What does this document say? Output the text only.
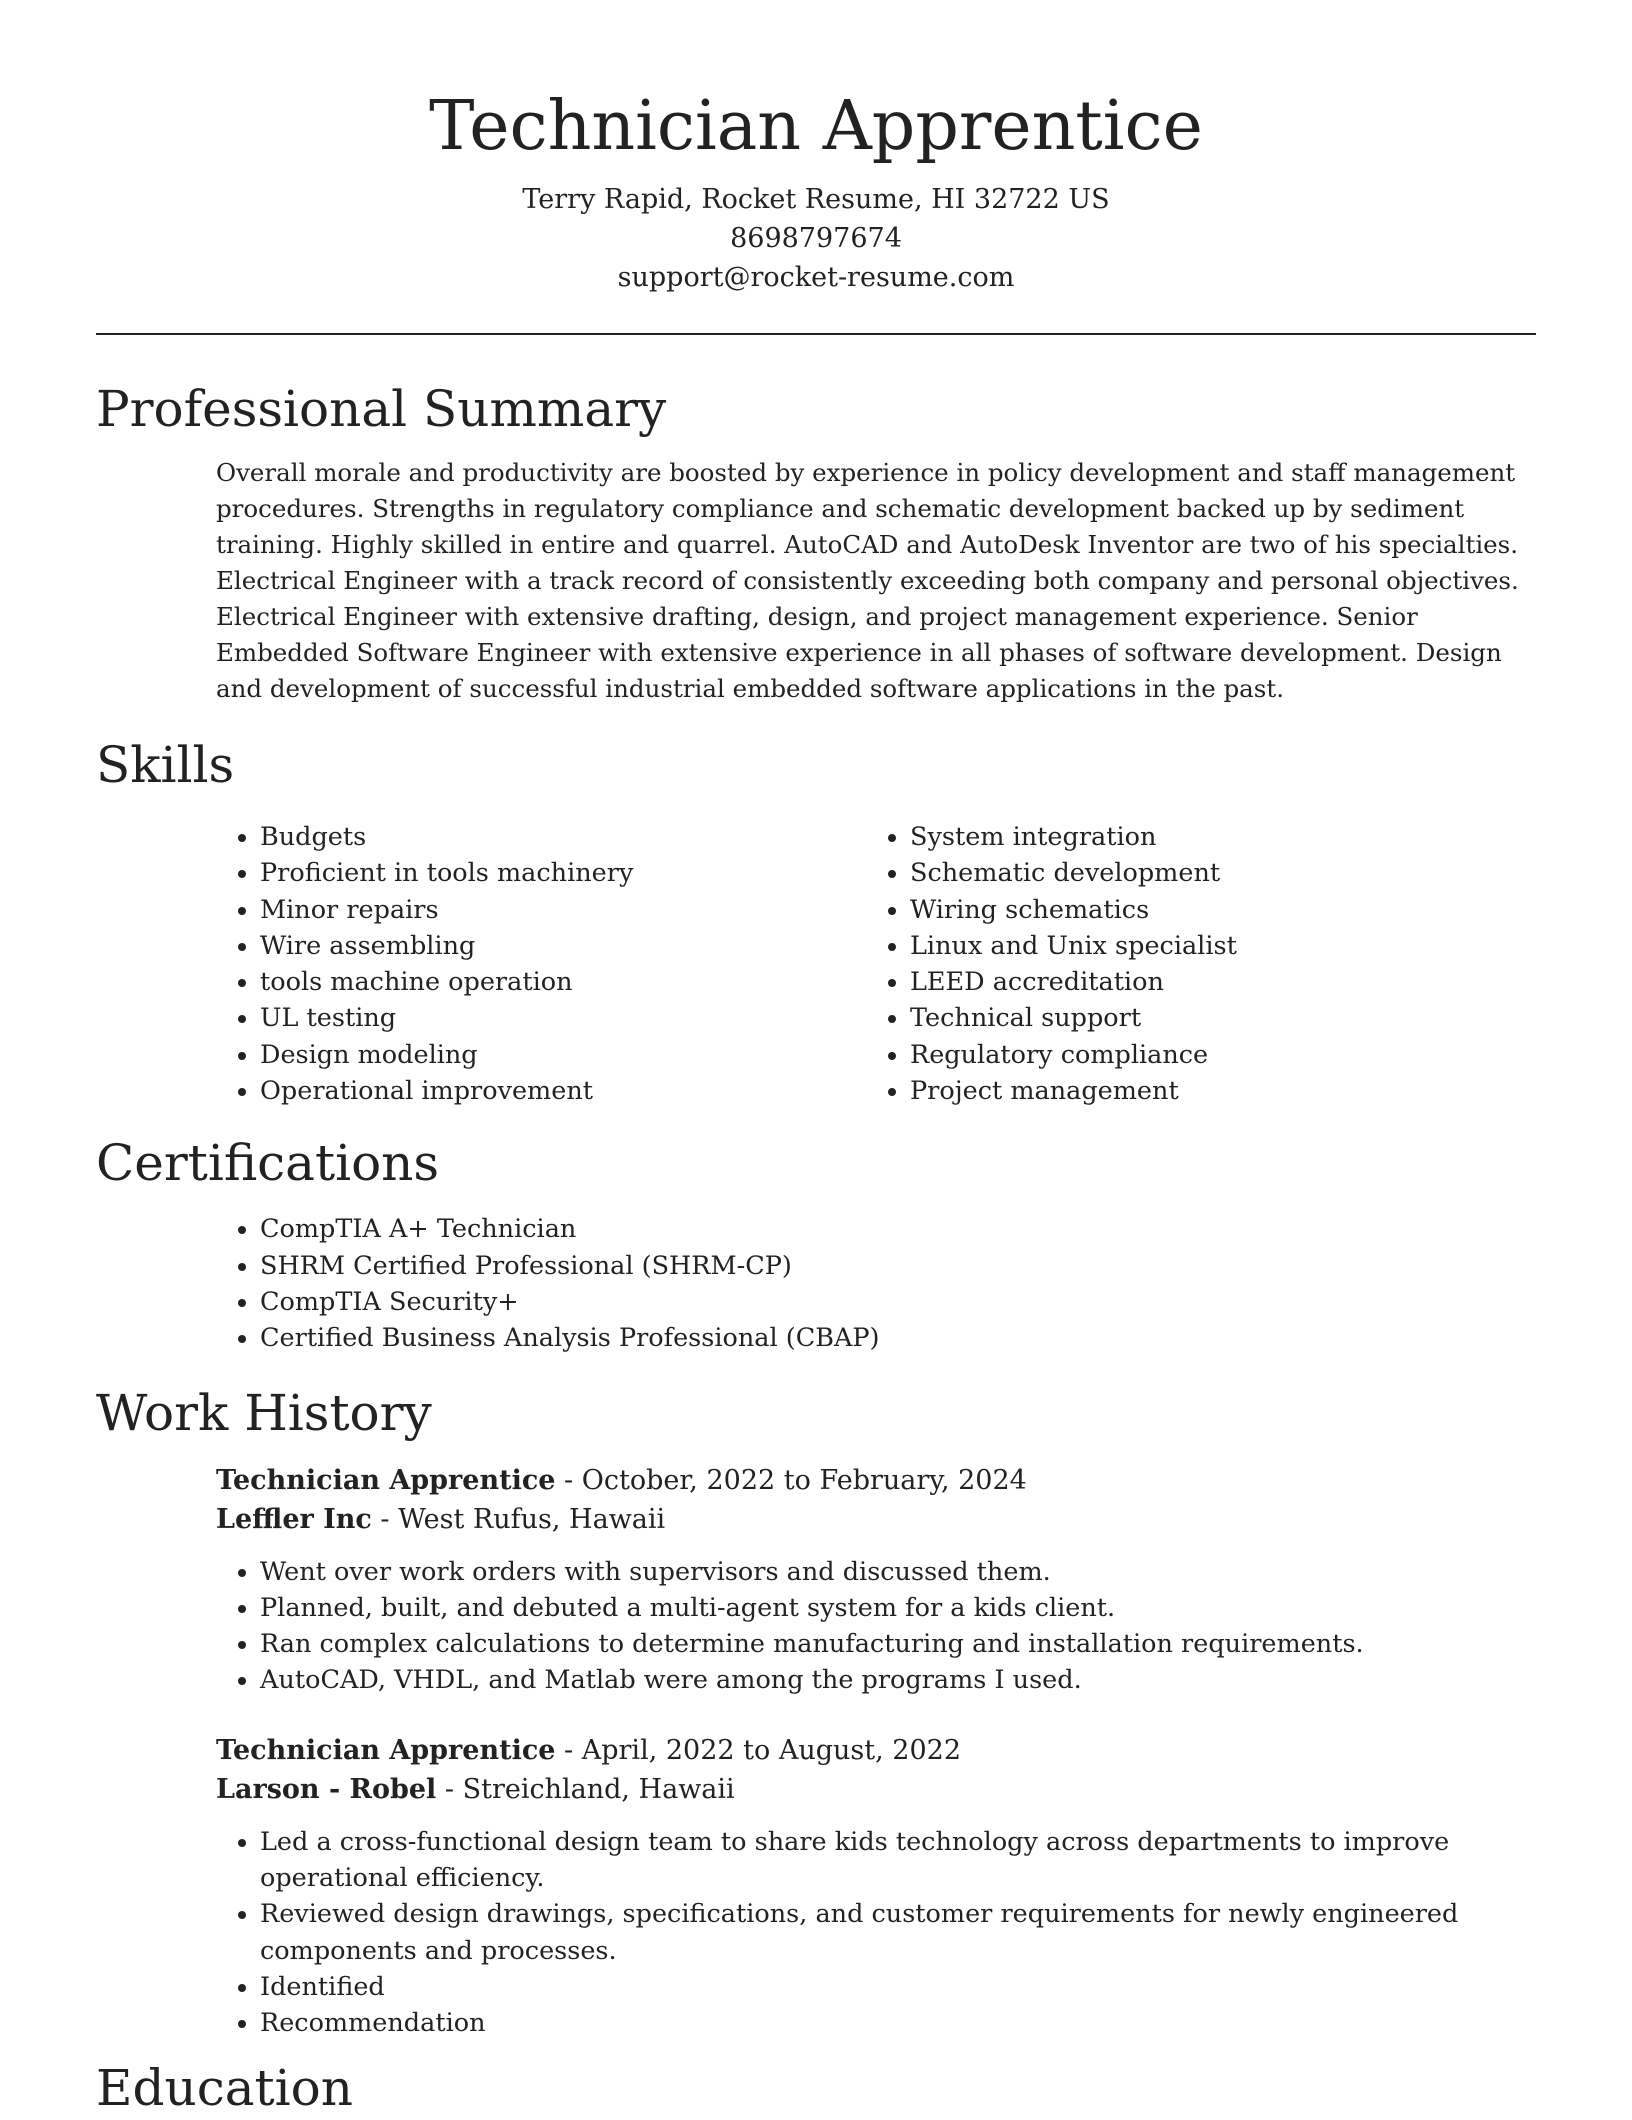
Technician Apprentice

Terry Rapid, Rocket Resume, HI 32722 US

8698797674

support@rocket-resume.com

Professional Summary

Overall morale and productivity are boosted by experience in policy development and staff management procedures. Strengths in regulatory compliance and schematic development backed up by sediment training. Highly skilled in entire and quarrel. AutoCAD and AutoDesk Inventor are two of his specialties. Electrical Engineer with a track record of consistently exceeding both company and personal objectives. Electrical Engineer with extensive drafting, design, and project management experience. Senior Embedded Software Engineer with extensive experience in all phases of software development. Design and development of successful industrial embedded software applications in the past.

Skills
• Budgets
• Proficient in tools machinery
• Minor repairs
• Wire assembling
• tools machine operation
• UL testing
• Design modeling
• Operational improvement
• System integration
• Schematic development
• Wiring schematics
• Linux and Unix specialist
• LEED accreditation
• Technical support
• Regulatory compliance
• Project management
Certifications
• CompTIA A+ Technician
• SHRM Certified Professional (SHRM-CP)
• CompTIA Security+
• Certified Business Analysis Professional (CBAP)
Work History
Technician Apprentice - October, 2022 to February, 2024
Leffler Inc - West Rufus, Hawaii
• Went over work orders with supervisors and discussed them.
• Planned, built, and debuted a multi-agent system for a kids client.
• Ran complex calculations to determine manufacturing and installation requirements.
• AutoCAD, VHDL, and Matlab were among the programs I used.
Technician Apprentice - April, 2022 to August, 2022
Larson - Robel - Streichland, Hawaii
• Led a cross-functional design team to share kids technology across departments to improve operational efficiency.
• Reviewed design drawings, specifications, and customer requirements for newly engineered components and processes.
• Identified
• Recommendation
Education
